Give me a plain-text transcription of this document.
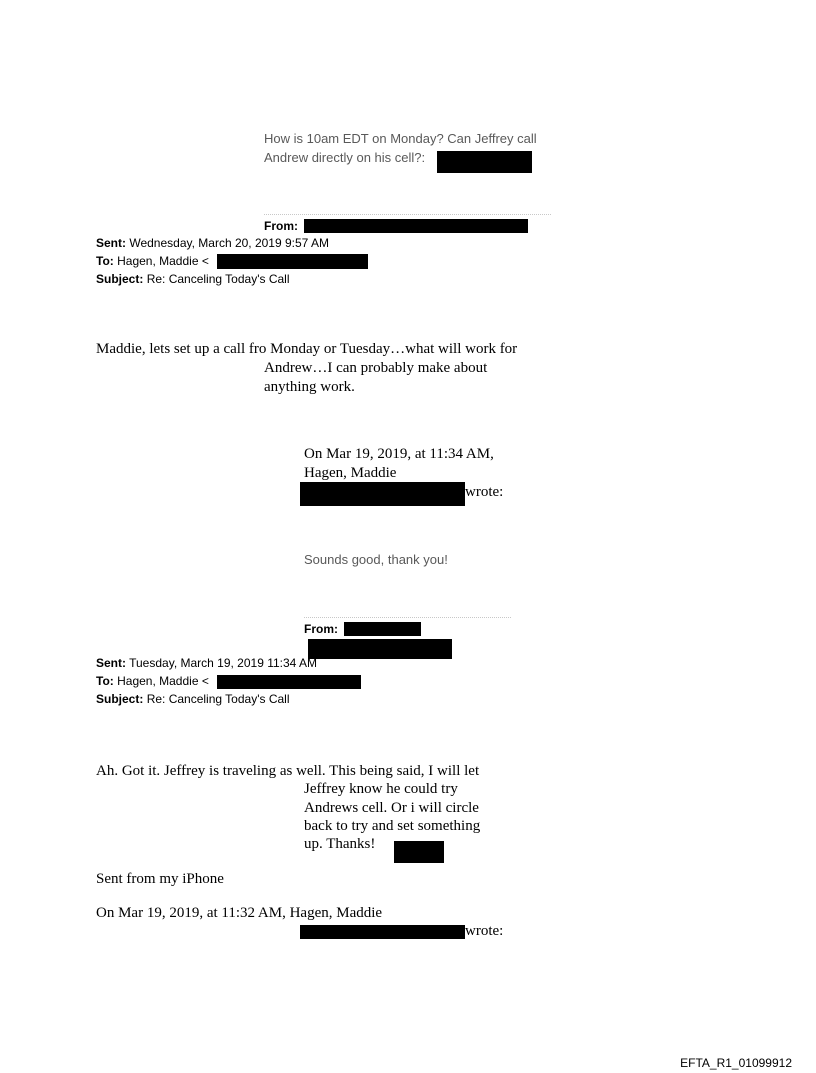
How is 10am EDT on Monday? Can Jeffrey call
Andrew directly on his cell?:
From:
Sent: Wednesday, March 20, 2019 9:57 AM
To: Hagen, Maddie <
Subject: Re: Canceling Today's Call
Maddie, lets set up a call fro Monday or Tuesday…what will work for
Andrew…I can probably make about
anything work.
On Mar 19, 2019, at 11:34 AM,
Hagen, Maddie
wrote:
Sounds good, thank you!
From:
Sent: Tuesday, March 19, 2019 11:34 AM
To: Hagen, Maddie <
Subject: Re: Canceling Today's Call
Ah. Got it. Jeffrey is traveling as well. This being said, I will let
Jeffrey know he could try
Andrews cell. Or i will circle
back to try and set something
up. Thanks!
Sent from my iPhone
On Mar 19, 2019, at 11:32 AM, Hagen, Maddie
wrote:
EFTA_R1_01099912
